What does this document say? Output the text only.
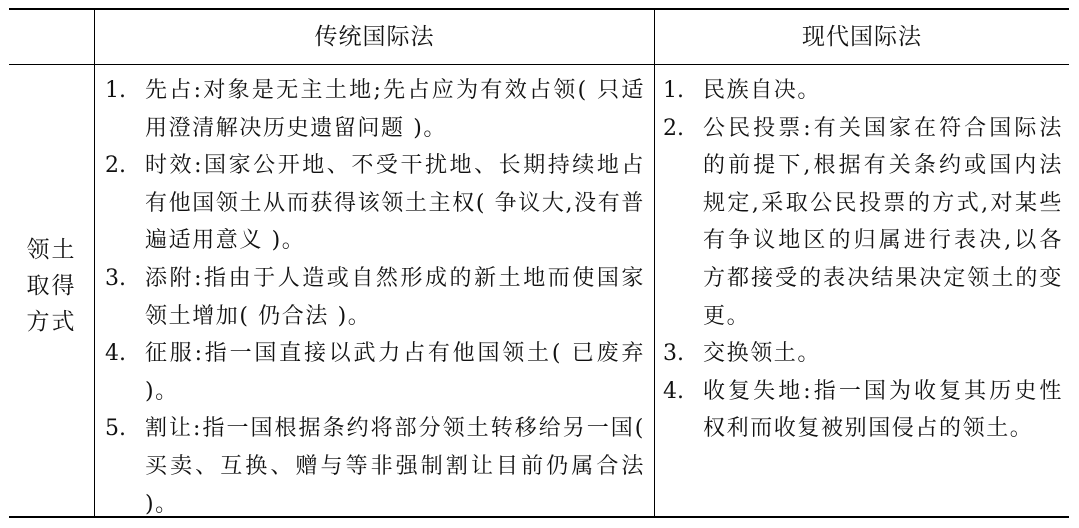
传统国际法	现代国际法
领土
取得
方式
1. 先占:对象是无主土地;先占应为有效占领( 只适用澄清解决历史遗留问题 )。
2. 时效:国家公开地、不受干扰地、长期持续地占有他国领土从而获得该领土主权( 争议大,没有普遍适用意义 )。
3. 添附:指由于人造或自然形成的新土地而使国家领土增加( 仍合法 )。
4. 征服:指一国直接以武力占有他国领土( 已废弃 )。
5. 割让:指一国根据条约将部分领土转移给另一国( 买卖、互换、赠与等非强制割让目前仍属合法 )。
1. 民族自决。
2. 公民投票:有关国家在符合国际法的前提下,根据有关条约或国内法规定,采取公民投票的方式,对某些有争议地区的归属进行表决,以各方都接受的表决结果决定领土的变更。
3. 交换领土。
4. 收复失地:指一国为收复其历史性权利而收复被别国侵占的领土。
